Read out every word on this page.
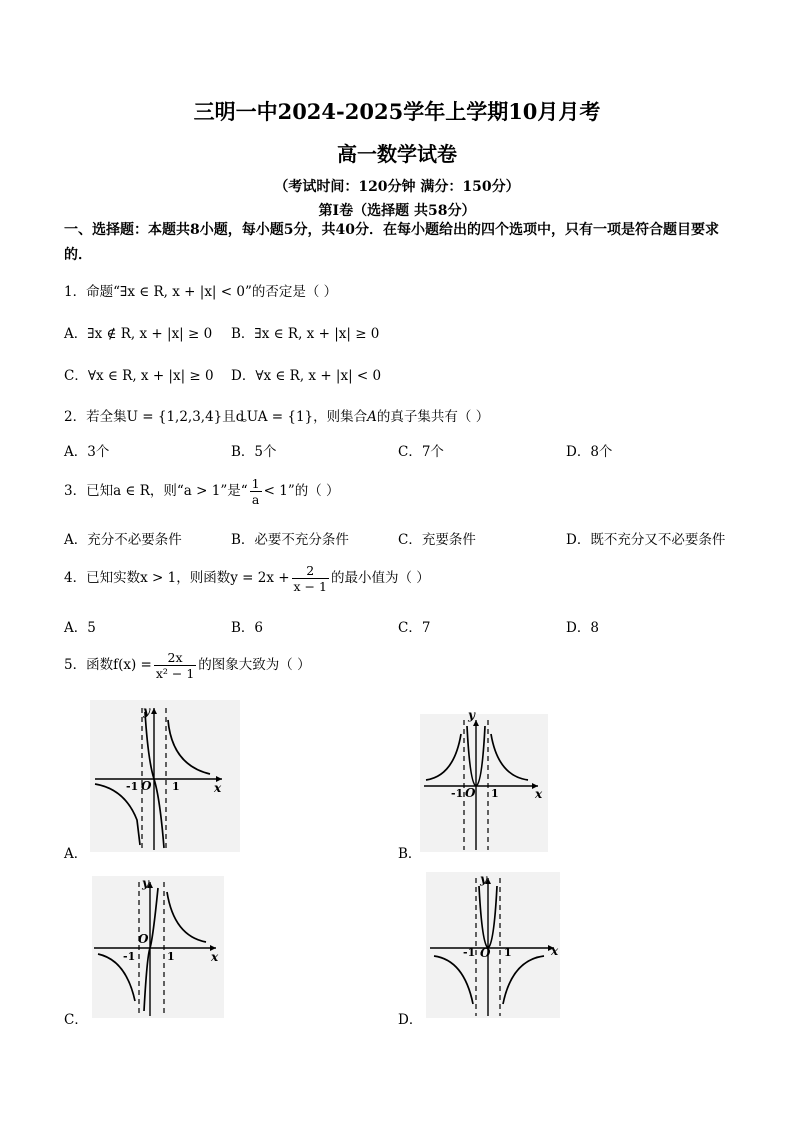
三明一中2024-2025学年上学期10月月考
高一数学试卷
（考试时间：120分钟 满分：150分）
第Ⅰ卷（选择题 共58分）
一、选择题：本题共8小题，每小题5分，共40分．在每小题给出的四个选项中，只有一项是符合题目要求的．
1．命题“∃x ∈ R, x + |x| < 0”的否定是（ ）
A．∃x ∉ R, x + |x| ≥ 0 B．∃x ∈ R, x + |x| ≥ 0
C．∀x ∈ R, x + |x| ≥ 0 D．∀x ∈ R, x + |x| < 0
2．若全集U = {1,2,3,4}且ȡUA = {1}，则集合A的真子集共有（ ）
A．3个	B．5个	C．7个	D．8个
3．已知a ∈ R，则“a > 1”是“ $\frac{1}{a} < 1$”的（ ）
A．充分不必要条件	B．必要不充分条件	C．充要条件	D．既不充分又不必要条件
4．已知实数x > 1，则函数$y = 2x + \frac{2}{x - 1}$ 的最小值为（ ）
A．5	B．6	C．7	D．8
5．函数$f(x) = \frac{2x}{\text{x² − 1}}$ 的图象大致为（ ）
y
x
O
-1	1
A．
y
x
O
-1	1
B．
y
x
O
-1	1
C．
y
x
O
-1	1
D．
